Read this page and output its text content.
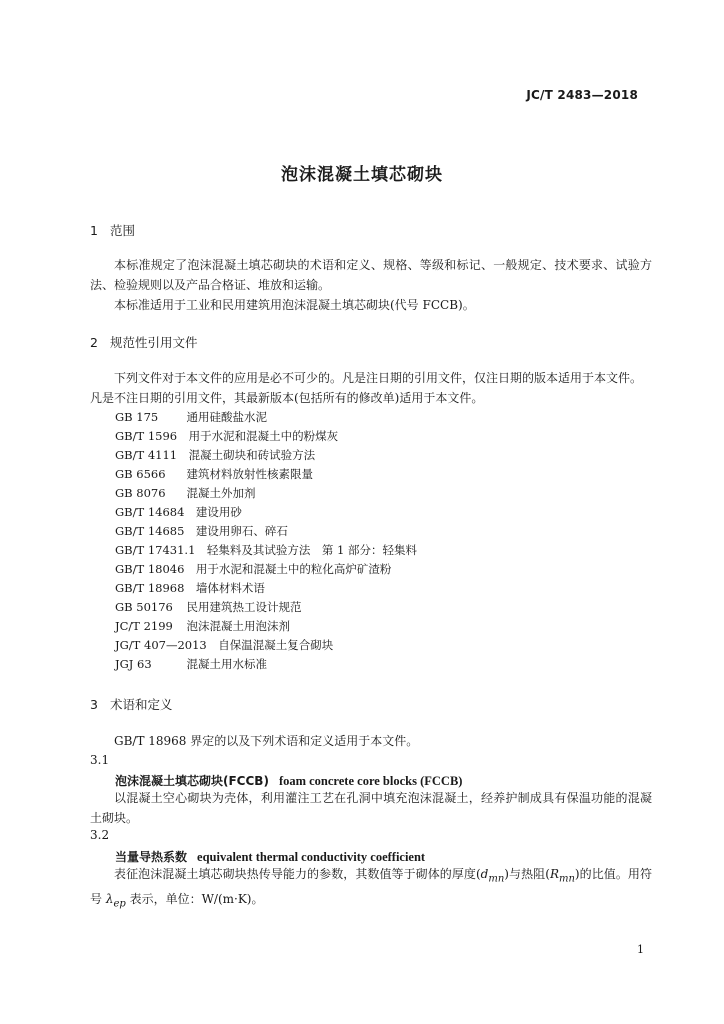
JC/T 2483—2018
泡沫混凝土填芯砌块
1 范围
本标准规定了泡沫混凝土填芯砌块的术语和定义、规格、等级和标记、一般规定、技术要求、试验方法、检验规则以及产品合格证、堆放和运输。
本标准适用于工业和民用建筑用泡沫混凝土填芯砌块(代号 FCCB)。
2 规范性引用文件
下列文件对于本文件的应用是必不可少的。凡是注日期的引用文件，仅注日期的版本适用于本文件。
凡是不注日期的引用文件，其最新版本(包括所有的修改单)适用于本文件。
GB 175　 通用硅酸盐水泥
GB/T 1596　 用于水泥和混凝土中的粉煤灰
GB/T 4111　 混凝土砌块和砖试验方法
GB 6566　 建筑材料放射性核素限量
GB 8076　 混凝土外加剂
GB/T 14684　 建设用砂
GB/T 14685　 建设用卵石、碎石
GB/T 17431.1　 轻集料及其试验方法　第 1 部分：轻集料
GB/T 18046　 用于水泥和混凝土中的粒化高炉矿渣粉
GB/T 18968　 墙体材料术语
GB 50176　 民用建筑热工设计规范
JC/T 2199　 泡沫混凝土用泡沫剂
JG/T 407—2013　 自保温混凝土复合砌块
JGJ 63　	混凝土用水标准
3 术语和定义
GB/T 18968 界定的以及下列术语和定义适用于本文件。
3.1
泡沫混凝土填芯砌块(FCCB) foam concrete core blocks (FCCB)
以混凝土空心砌块为壳体，利用灌注工艺在孔洞中填充泡沫混凝土，经养护制成具有保温功能的混凝土砌块。
3.2
当量导热系数 equivalent thermal conductivity coefficient
表征泡沫混凝土填芯砌块热传导能力的参数，其数值等于砌体的厚度$(d_{mn})$与热阻$(R_{mn})$的比值。用符号 $\lambda_{ep}$ 表示，单位：W/(m·K)。
1
